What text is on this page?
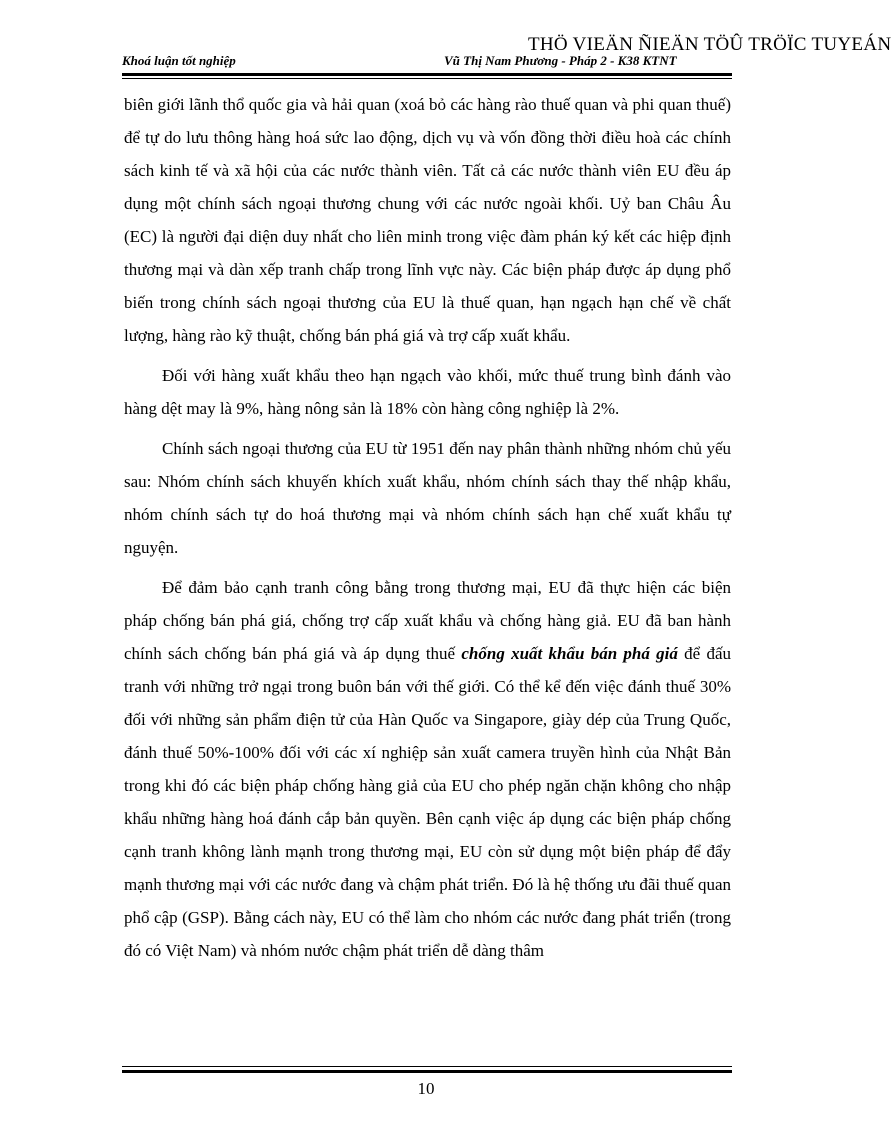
THÖ VIEÄN ÑIEÄN TÖÛ TRÖÏC TUYEÁN
Khoá luận tốt nghiệp	Vũ Thị Nam Phương - Pháp 2 - K38 KTNT

biên giới lãnh thổ quốc gia và hải quan (xoá bỏ các hàng rào thuế quan và phi quan thuế) để tự do lưu thông hàng hoá sức lao động, dịch vụ và vốn đồng thời điều hoà các chính sách kinh tế và xã hội của các nước thành viên. Tất cả các nước thành viên EU đều áp dụng một chính sách ngoại thương chung với các nước ngoài khối. Uỷ ban Châu Âu (EC) là người đại diện duy nhất cho liên minh trong việc đàm phán ký kết các hiệp định thương mại và dàn xếp tranh chấp trong lĩnh vực này. Các biện pháp được áp dụng phổ biến trong chính sách ngoại thương của EU là thuế quan, hạn ngạch hạn chế về chất lượng, hàng rào kỹ thuật, chống bán phá giá và trợ cấp xuất khẩu.

Đối với hàng xuất khẩu theo hạn ngạch vào khối, mức thuế trung bình đánh vào hàng dệt may là 9%, hàng nông sản là 18% còn hàng công nghiệp là 2%.

Chính sách ngoại thương của EU từ 1951 đến nay phân thành những nhóm chủ yếu sau: Nhóm chính sách khuyến khích xuất khẩu, nhóm chính sách thay thế nhập khẩu, nhóm chính sách tự do hoá thương mại và nhóm chính sách hạn chế xuất khẩu tự nguyện.

Để đảm bảo cạnh tranh công bằng trong thương mại, EU đã thực hiện các biện pháp chống bán phá giá, chống trợ cấp xuất khẩu và chống hàng giả. EU đã ban hành chính sách chống bán phá giá và áp dụng thuế chống xuất khẩu bán phá giá để đấu tranh với những trở ngại trong buôn bán với thế giới. Có thể kể đến việc đánh thuế 30% đối với những sản phẩm điện tử của Hàn Quốc va Singapore, giày dép của Trung Quốc, đánh thuế 50%-100% đối với các xí nghiệp sản xuất camera truyền hình của Nhật Bản trong khi đó các biện pháp chống hàng giả của EU cho phép ngăn chặn không cho nhập khẩu những hàng hoá đánh cắp bản quyền. Bên cạnh việc áp dụng các biện pháp chống cạnh tranh không lành mạnh trong thương mại, EU còn sử dụng một biện pháp để đẩy mạnh thương mại với các nước đang và chậm phát triển. Đó là hệ thống ưu đãi thuế quan phổ cập (GSP). Bằng cách này, EU có thể làm cho nhóm các nước đang phát triển (trong đó có Việt Nam) và nhóm nước chậm phát triển dễ dàng thâm

10
